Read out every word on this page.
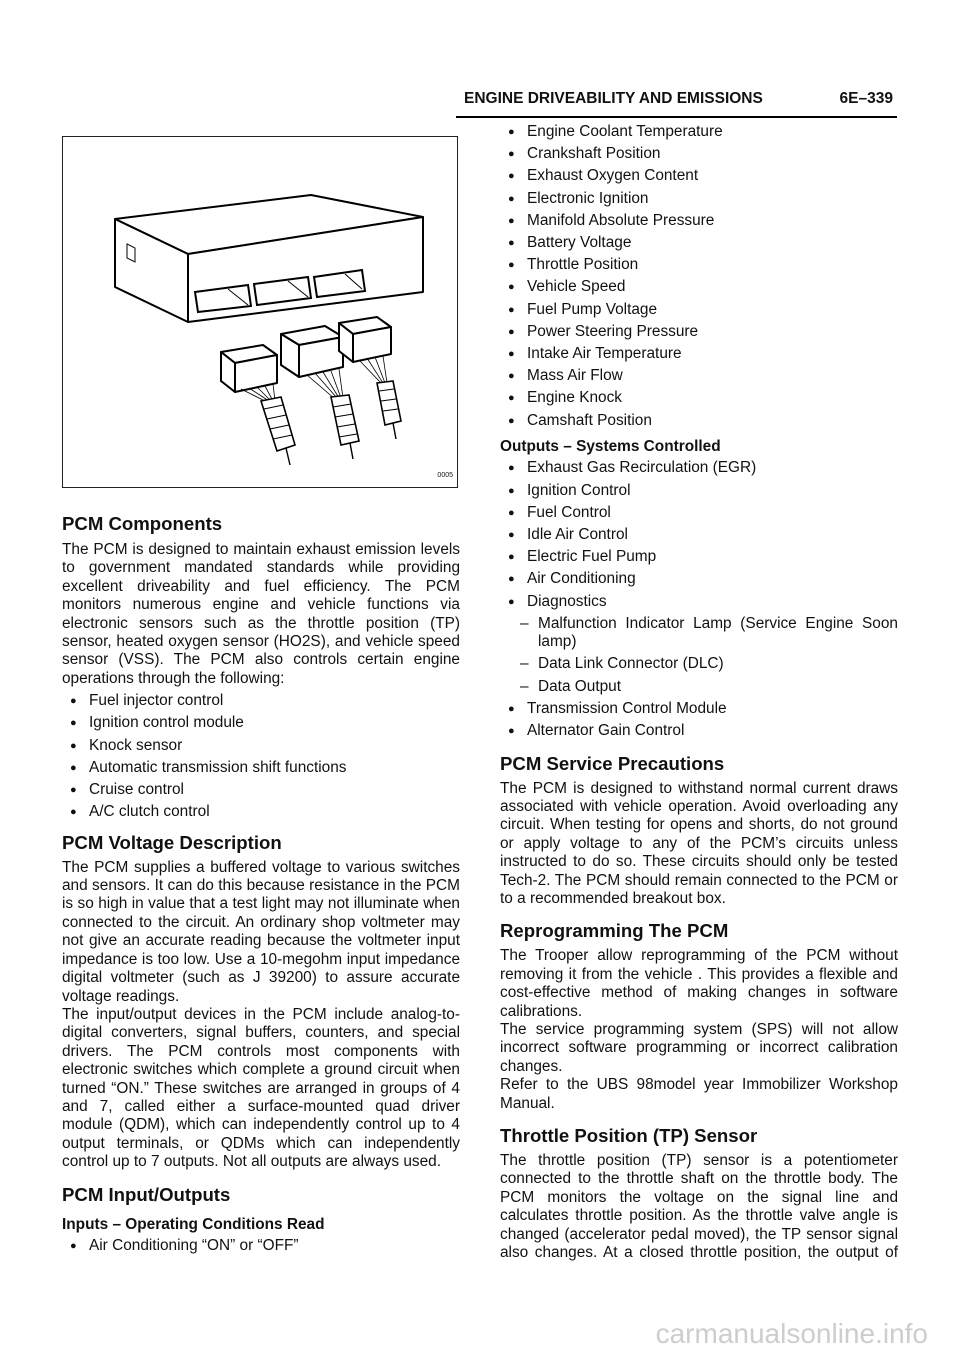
ENGINE DRIVEABILITY AND EMISSIONS	6E–339
0005
PCM Components

The PCM is designed to maintain exhaust emission levels to government mandated standards while providing excellent driveability and fuel efficiency. The PCM monitors numerous engine and vehicle functions via electronic sensors such as the throttle position (TP) sensor, heated oxygen sensor (HO2S), and vehicle speed sensor (VSS). The PCM also controls certain engine operations through the following:

● Fuel injector control
● Ignition control module
● Knock sensor
● Automatic transmission shift functions
● Cruise control
● A/C clutch control
PCM Voltage Description

The PCM supplies a buffered voltage to various switches and sensors. It can do this because resistance in the PCM is so high in value that a test light may not illuminate when connected to the circuit. An ordinary shop voltmeter may not give an accurate reading because the voltmeter input impedance is too low. Use a 10-megohm input impedance digital voltmeter (such as J 39200) to assure accurate voltage readings.

The input/output devices in the PCM include analog-to-digital converters, signal buffers, counters, and special drivers. The PCM controls most components with electronic switches which complete a ground circuit when turned “ON.” These switches are arranged in groups of 4 and 7, called either a surface-mounted quad driver module (QDM), which can independently control up to 4 output terminals, or QDMs which can independently control up to 7 outputs. Not all outputs are always used.

PCM Input/Outputs

Inputs – Operating Conditions Read

● Air Conditioning “ON” or “OFF”
● Engine Coolant Temperature
● Crankshaft Position
● Exhaust Oxygen Content
● Electronic Ignition
● Manifold Absolute Pressure
● Battery Voltage
● Throttle Position
● Vehicle Speed
● Fuel Pump Voltage
● Power Steering Pressure
● Intake Air Temperature
● Mass Air Flow
● Engine Knock
● Camshaft Position

Outputs – Systems Controlled

● Exhaust Gas Recirculation (EGR)
● Ignition Control
● Fuel Control
● Idle Air Control
● Electric Fuel Pump
● Air Conditioning
● Diagnostics
– Malfunction Indicator Lamp (Service Engine Soon lamp)
– Data Link Connector (DLC)
– Data Output
● Transmission Control Module
● Alternator Gain Control
PCM Service Precautions

The PCM is designed to withstand normal current draws associated with vehicle operation. Avoid overloading any circuit. When testing for opens and shorts, do not ground or apply voltage to any of the PCM’s circuits unless instructed to do so. These circuits should only be tested Tech-2. The PCM should remain connected to the PCM or to a recommended breakout box.

Reprogramming The PCM

The Trooper allow reprogramming of the PCM without removing it from the vehicle . This provides a flexible and cost-effective method of making changes in software calibrations.

The service programming system (SPS) will not allow incorrect software programming or incorrect calibration changes.

Refer to the UBS 98model year Immobilizer Workshop Manual.

Throttle Position (TP) Sensor

The throttle position (TP) sensor is a potentiometer connected to the throttle shaft on the throttle body. The PCM monitors the voltage on the signal line and calculates throttle position. As the throttle valve angle is changed (accelerator pedal moved), the TP sensor signal also changes. At a closed throttle position, the output of

carmanualsonline.info
